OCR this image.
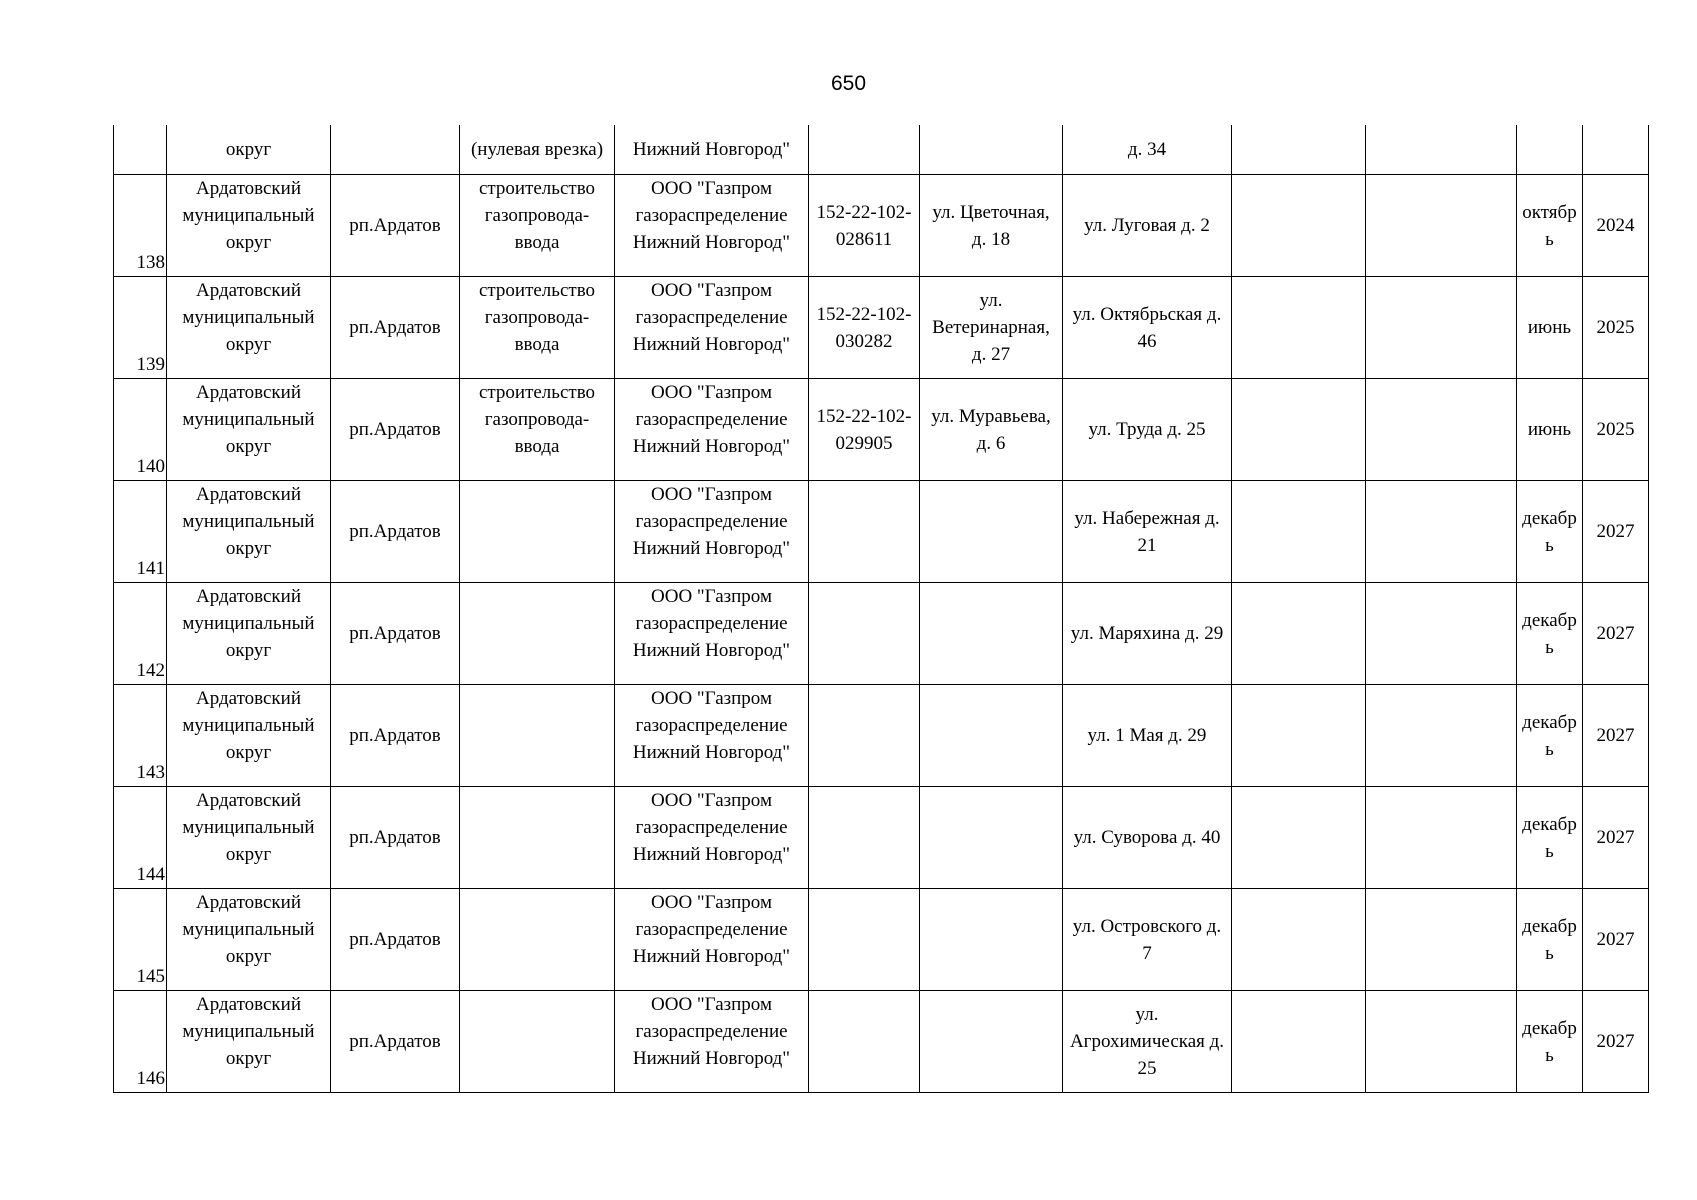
650
	округ		(нулевая врезка)	Нижний Новгород"			д. 34				
138	Ардатовский
муниципальный
округ	рп.Ардатов	строительство
газопровода-
ввода	ООО "Газпром
газораспределение
Нижний Новгород"	152-22-102-
028611	ул. Цветочная,
д. 18	ул. Луговая д. 2			октябр
ь	2024
139	Ардатовский
муниципальный
округ	рп.Ардатов	строительство
газопровода-
ввода	ООО "Газпром
газораспределение
Нижний Новгород"	152-22-102-
030282	ул.
Ветеринарная,
д. 27	ул. Октябрьская д.
46			июнь	2025
140	Ардатовский
муниципальный
округ	рп.Ардатов	строительство
газопровода-
ввода	ООО "Газпром
газораспределение
Нижний Новгород"	152-22-102-
029905	ул. Муравьева,
д. 6	ул. Труда д. 25			июнь	2025
141	Ардатовский
муниципальный
округ	рп.Ардатов		ООО "Газпром
газораспределение
Нижний Новгород"			ул. Набережная д.
21			декабр
ь	2027
142	Ардатовский
муниципальный
округ	рп.Ардатов		ООО "Газпром
газораспределение
Нижний Новгород"			ул. Маряхина д. 29			декабр
ь	2027
143	Ардатовский
муниципальный
округ	рп.Ардатов		ООО "Газпром
газораспределение
Нижний Новгород"			ул. 1 Мая д. 29			декабр
ь	2027
144	Ардатовский
муниципальный
округ	рп.Ардатов		ООО "Газпром
газораспределение
Нижний Новгород"			ул. Суворова д. 40			декабр
ь	2027
145	Ардатовский
муниципальный
округ	рп.Ардатов		ООО "Газпром
газораспределение
Нижний Новгород"			ул. Островского д.
7			декабр
ь	2027
146	Ардатовский
муниципальный
округ	рп.Ардатов		ООО "Газпром
газораспределение
Нижний Новгород"			ул.
Агрохимическая д.
25			декабр
ь	2027
